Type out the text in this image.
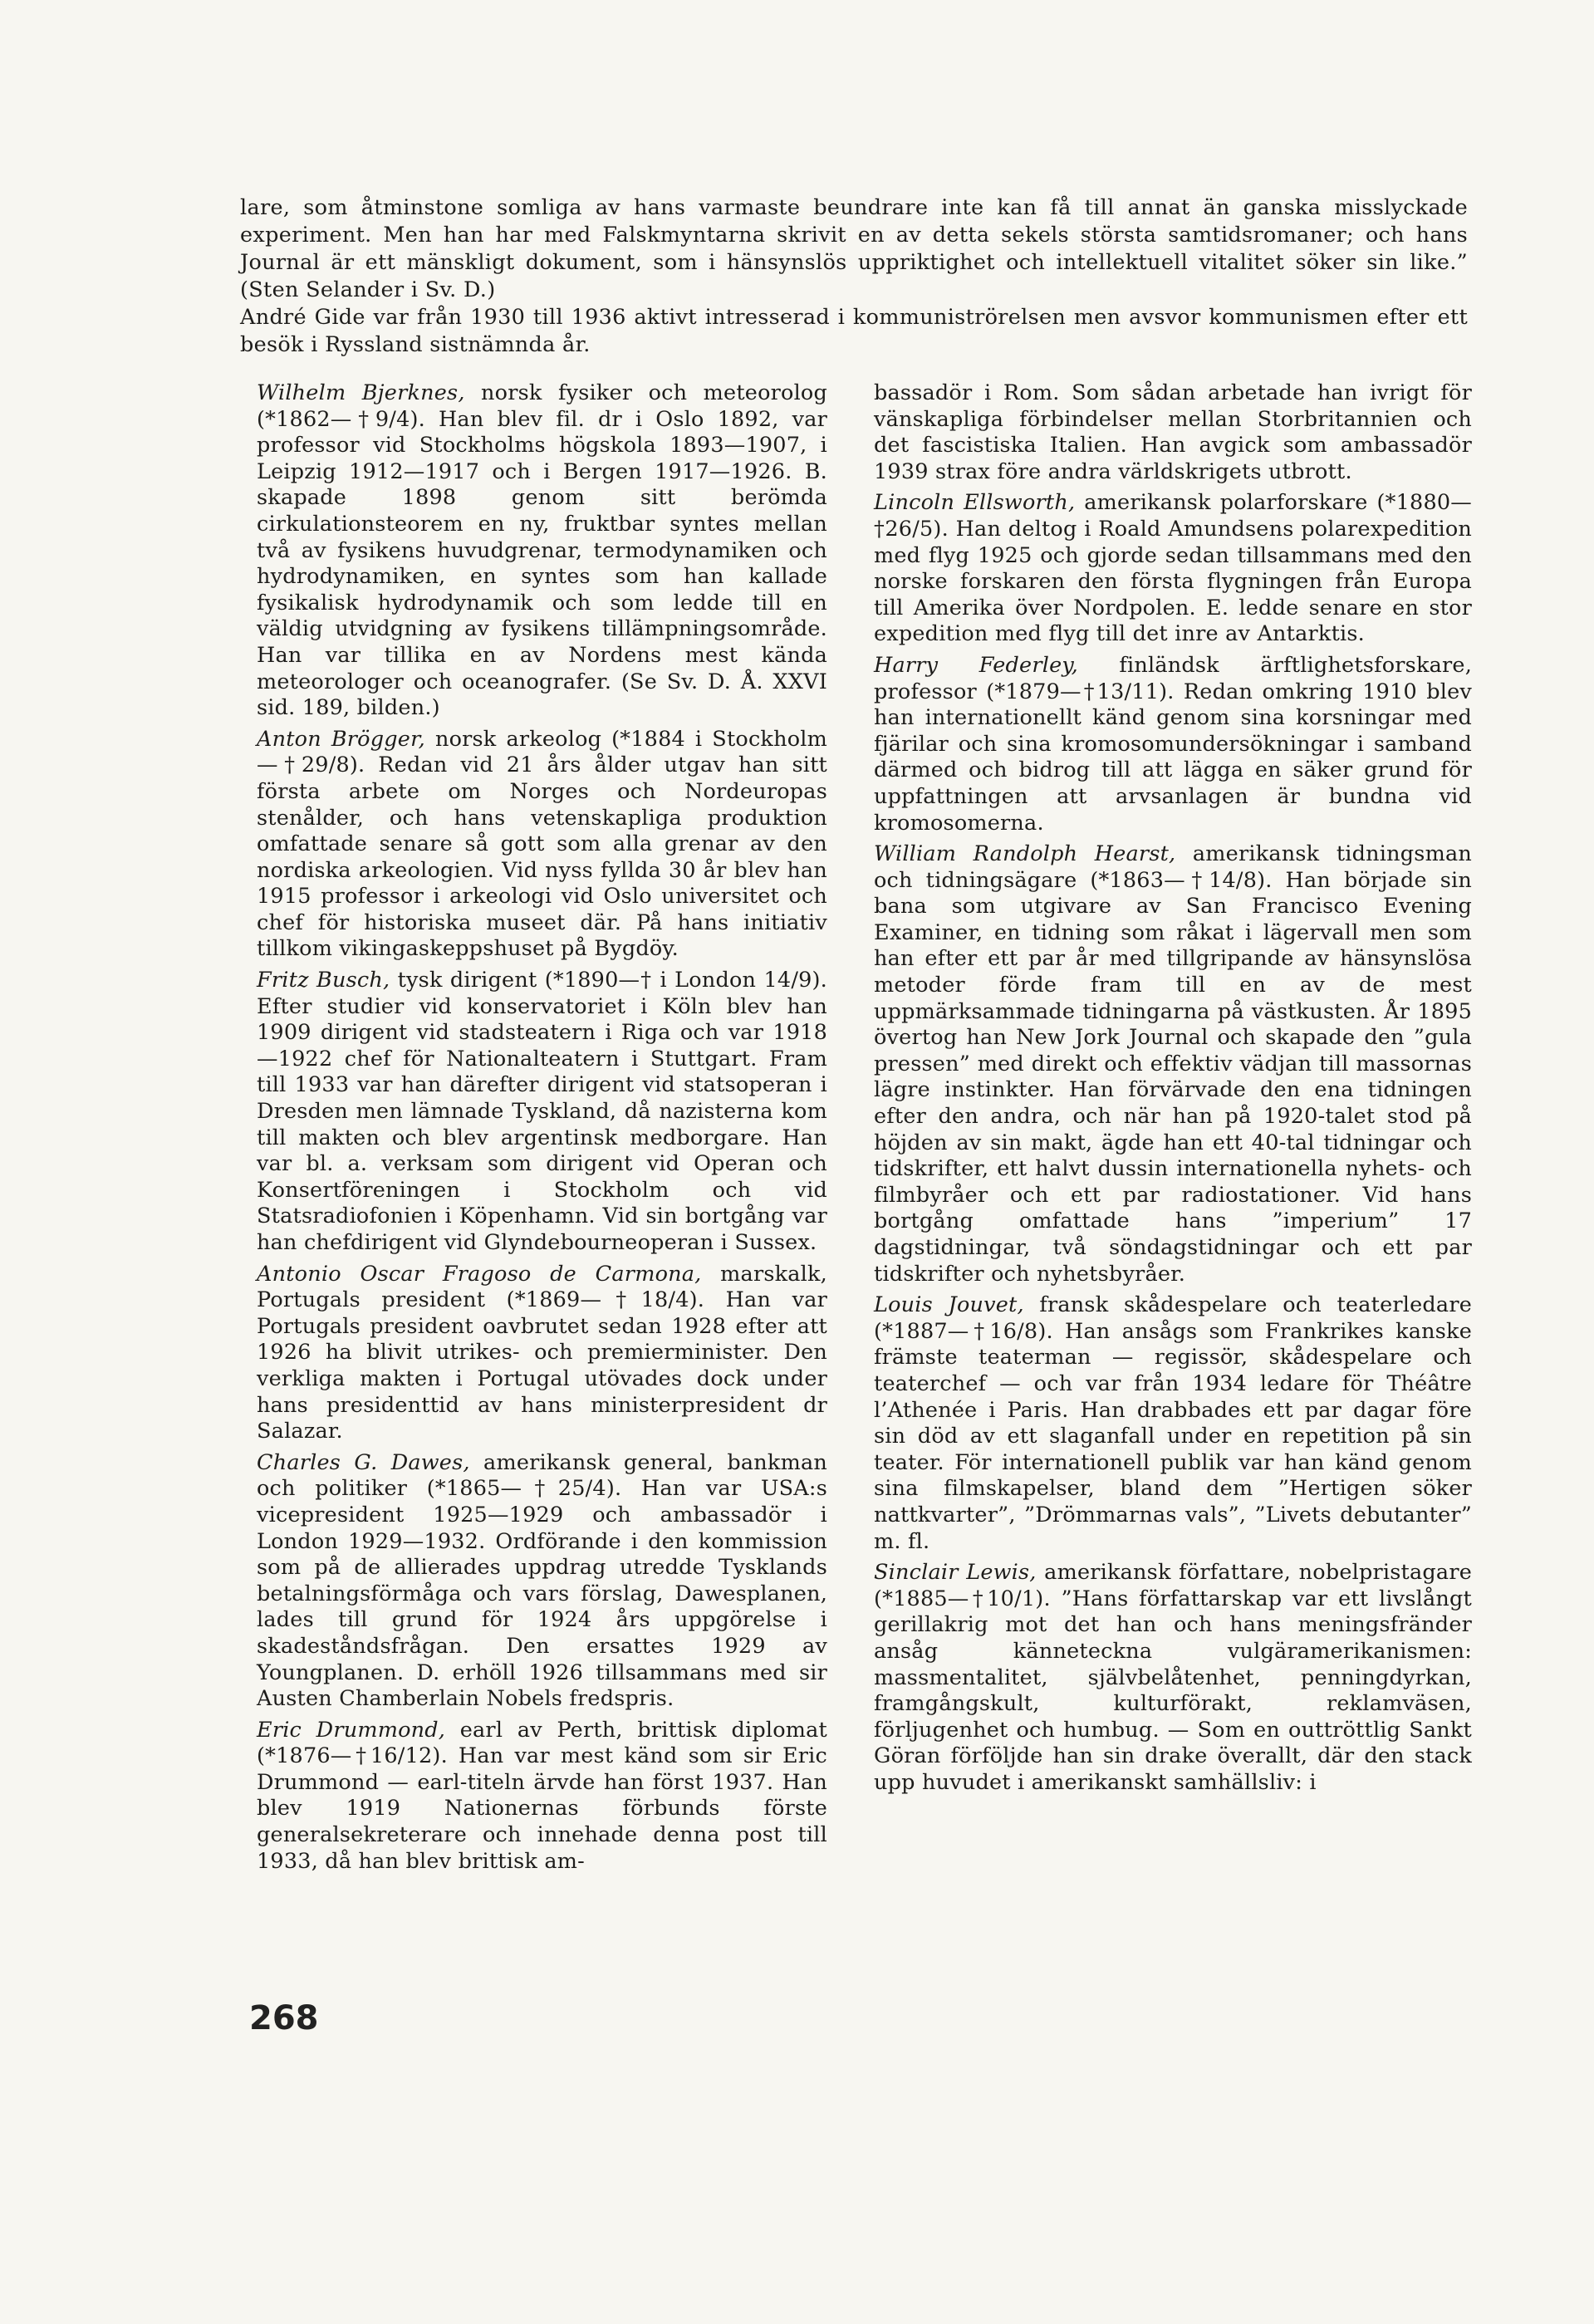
lare, som åtminstone somliga av hans varmaste beundrare inte kan få till annat än ganska misslyckade experiment. Men han har med Falskmyntarna skrivit en av detta sekels största samtidsromaner; och hans Journal är ett mänskligt dokument, som i hänsynslös uppriktighet och intellektuell vitalitet söker sin like.” (Sten Selander i Sv. D.)

André Gide var från 1930 till 1936 aktivt intresserad i kommuniströrelsen men avsvor kommunismen efter ett besök i Ryssland sistnämnda år.

Wilhelm Bjerknes, norsk fysiker och meteorolog (*1862—†9/4). Han blev fil. dr i Oslo 1892, var professor vid Stockholms högskola 1893—1907, i Leipzig 1912—1917 och i Bergen 1917—1926. B. skapade 1898 genom sitt berömda cirkulationsteorem en ny, fruktbar syntes mellan två av fysikens huvudgrenar, termodynamiken och hydrodynamiken, en syntes som han kallade fysikalisk hydrodynamik och som ledde till en väldig utvidgning av fysikens tillämpningsområde. Han var tillika en av Nordens mest kända meteorologer och oceanografer. (Se Sv. D. Å. XXVI sid. 189, bilden.)

Anton Brögger, norsk arkeolog (*1884 i Stockholm—†29/8). Redan vid 21 års ålder utgav han sitt första arbete om Norges och Nordeuropas stenålder, och hans vetenskapliga produktion omfattade senare så gott som alla grenar av den nordiska arkeologien. Vid nyss fyllda 30 år blev han 1915 professor i arkeologi vid Oslo universitet och chef för historiska museet där. På hans initiativ tillkom vikingaskeppshuset på Bygdöy.

Fritz Busch, tysk dirigent (*1890—† i London 14/9). Efter studier vid konservatoriet i Köln blev han 1909 dirigent vid stadsteatern i Riga och var 1918—1922 chef för Nationalteatern i Stuttgart. Fram till 1933 var han därefter dirigent vid statsoperan i Dresden men lämnade Tyskland, då nazisterna kom till makten och blev argentinsk medborgare. Han var bl. a. verksam som dirigent vid Operan och Konsertföreningen i Stockholm och vid Statsradiofonien i Köpenhamn. Vid sin bortgång var han chefdirigent vid Glyndebourneoperan i Sussex.

Antonio Oscar Fragoso de Carmona, marskalk, Portugals president (*1869—†18/4). Han var Portugals president oavbrutet sedan 1928 efter att 1926 ha blivit utrikes- och premierminister. Den verkliga makten i Portugal utövades dock under hans presidenttid av hans ministerpresident dr Salazar.

Charles G. Dawes, amerikansk general, bankman och politiker (*1865—†25/4). Han var USA:s vicepresident 1925—1929 och ambassadör i London 1929—1932. Ordförande i den kommission som på de allierades uppdrag utredde Tysklands betalningsförmåga och vars förslag, Dawesplanen, lades till grund för 1924 års uppgörelse i skadeståndsfrågan. Den ersattes 1929 av Youngplanen. D. erhöll 1926 tillsammans med sir Austen Chamberlain Nobels fredspris.

Eric Drummond, earl av Perth, brittisk diplomat (*1876—†16/12). Han var mest känd som sir Eric Drummond — earl-titeln ärvde han först 1937. Han blev 1919 Nationernas förbunds förste generalsekreterare och innehade denna post till 1933, då han blev brittisk am-

bassadör i Rom. Som sådan arbetade han ivrigt för vänskapliga förbindelser mellan Storbritannien och det fascistiska Italien. Han avgick som ambassadör 1939 strax före andra världskrigets utbrott.

Lincoln Ellsworth, amerikansk polarforskare (*1880—†26/5). Han deltog i Roald Amundsens polarexpedition med flyg 1925 och gjorde sedan tillsammans med den norske forskaren den första flygningen från Europa till Amerika över Nordpolen. E. ledde senare en stor expedition med flyg till det inre av Antarktis.

Harry Federley, finländsk ärftlighetsforskare, professor (*1879—†13/11). Redan omkring 1910 blev han internationellt känd genom sina korsningar med fjärilar och sina kromosomundersökningar i samband därmed och bidrog till att lägga en säker grund för uppfattningen att arvsanlagen är bundna vid kromosomerna.

William Randolph Hearst, amerikansk tidningsman och tidningsägare (*1863—†14/8). Han började sin bana som utgivare av San Francisco Evening Examiner, en tidning som råkat i lägervall men som han efter ett par år med tillgripande av hänsynslösa metoder förde fram till en av de mest uppmärksammade tidningarna på västkusten. År 1895 övertog han New Jork Journal och skapade den ”gula pressen” med direkt och effektiv vädjan till massornas lägre instinkter. Han förvärvade den ena tidningen efter den andra, och när han på 1920-talet stod på höjden av sin makt, ägde han ett 40-tal tidningar och tidskrifter, ett halvt dussin internationella nyhets- och filmbyråer och ett par radiostationer. Vid hans bortgång omfattade hans ”imperium” 17 dagstidningar, två söndagstidningar och ett par tidskrifter och nyhetsbyråer.

Louis Jouvet, fransk skådespelare och teaterledare (*1887—†16/8). Han ansågs som Frankrikes kanske främste teaterman — regissör, skådespelare och teaterchef — och var från 1934 ledare för Théâtre l’Athenée i Paris. Han drabbades ett par dagar före sin död av ett slaganfall under en repetition på sin teater. För internationell publik var han känd genom sina filmskapelser, bland dem ”Hertigen söker nattkvarter”, ”Drömmarnas vals”, ”Livets debutanter” m. fl.

Sinclair Lewis, amerikansk författare, nobelpristagare (*1885—†10/1). ”Hans författarskap var ett livslångt gerillakrig mot det han och hans meningsfränder ansåg känneteckna vulgäramerikanismen: massmentalitet, självbelåtenhet, penningdyrkan, framgångskult, kulturförakt, reklamväsen, förljugenhet och humbug. — Som en outtröttlig Sankt Göran förföljde han sin drake överallt, där den stack upp huvudet i amerikanskt samhällsliv: i

268
